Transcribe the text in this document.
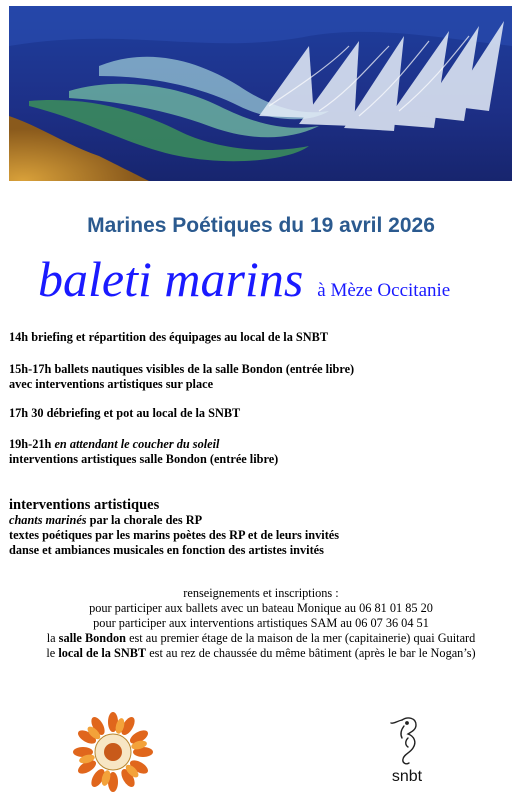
Marines Poétiques du 19 avril 2026
baleti marins à Mèze Occitanie
14h briefing et répartition des équipages au local de la SNBT
15h-17h ballets nautiques visibles de la salle Bondon (entrée libre)
avec interventions artistiques sur place
17h 30 débriefing et pot au local de la SNBT
19h-21h en attendant le coucher du soleil
interventions artistiques salle Bondon (entrée libre)
interventions artistiques
chants marinés par la chorale des RP
textes poétiques par les marins poètes des RP et de leurs invités
danse et ambiances musicales en fonction des artistes invités
renseignements et inscriptions :
pour participer aux ballets avec un bateau Monique au 06 81 01 85 20
pour participer aux interventions artistiques SAM au 06 07 36 04 51
la salle Bondon est au premier étage de la maison de la mer (capitainerie) quai Guitard
le local de la SNBT est au rez de chaussée du même bâtiment (après le bar le Nogan’s)
snbt
